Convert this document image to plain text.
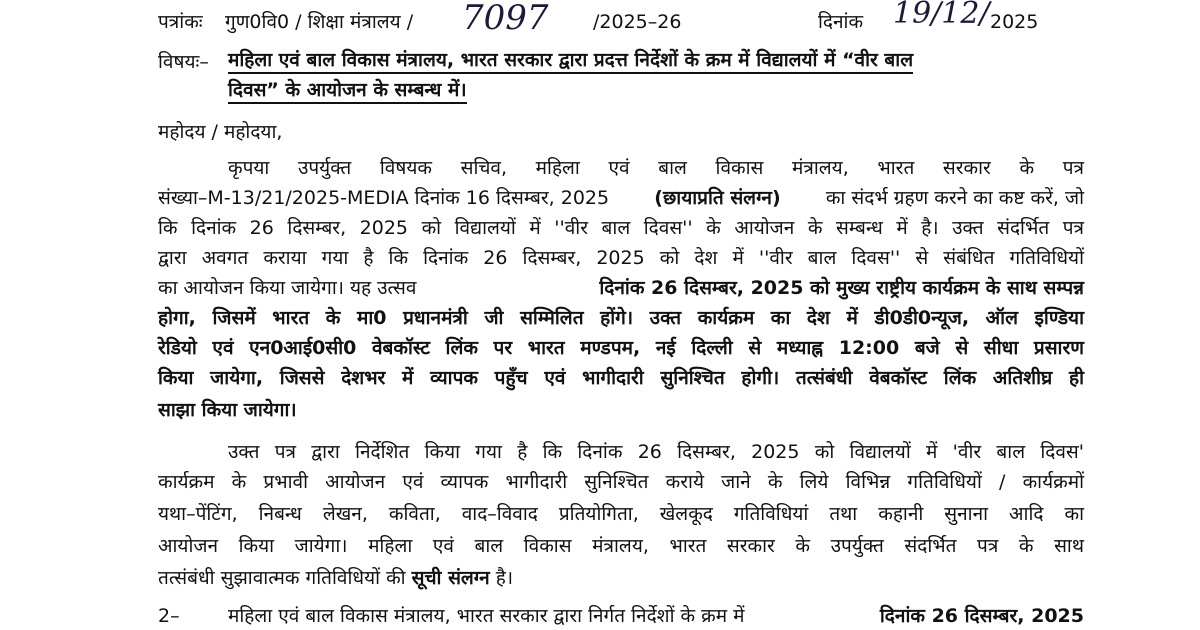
पत्रांकः गुण0वि0 / शिक्षा मंत्रालय / 7097 /2025–26	दिनांक 19/12/ 2025
विषयः– महिला एवं बाल विकास मंत्रालय, भारत सरकार द्वारा प्रदत्त निर्देशों के क्रम में विद्यालयों में “वीर बाल
दिवस” के आयोजन के सम्बन्ध में।
महोदय / महोदया,
कृपया उपर्युक्त विषयक सचिव, महिला एवं बाल विकास मंत्रालय, भारत सरकार के पत्र
संख्या–M-13/21/2025-MEDIA दिनांक 16 दिसम्बर, 2025 (छायाप्रति संलग्न) का संदर्भ ग्रहण करने का कष्ट करें, जो
कि दिनांक 26 दिसम्बर, 2025 को विद्यालयों में ''वीर बाल दिवस'' के आयोजन के सम्बन्ध में है। उक्त संदर्भित पत्र
द्वारा अवगत कराया गया है कि दिनांक 26 दिसम्बर, 2025 को देश में ''वीर बाल दिवस'' से संबंधित गतिविधियों
का आयोजन किया जायेगा। यह उत्सव	दिनांक 26 दिसम्बर, 2025 को मुख्य राष्ट्रीय कार्यक्रम के साथ सम्पन्न
होगा, जिसमें भारत के मा0 प्रधानमंत्री जी सम्मिलित होंगे। उक्त कार्यक्रम का देश में डी0डी0न्यूज, ऑल इण्डिया
रेडियो एवं एन0आई0सी0 वेबकॉस्ट लिंक पर भारत मण्डपम, नई दिल्ली से मध्याह्न 12:00 बजे से सीधा प्रसारण
किया जायेगा, जिससे देशभर में व्यापक पहुँच एवं भागीदारी सुनिश्चित होगी। तत्संबंधी वेबकॉस्ट लिंक अतिशीघ्र ही
साझा किया जायेगा।
उक्त पत्र द्वारा निर्देशित किया गया है कि दिनांक 26 दिसम्बर, 2025 को विद्यालयों में 'वीर बाल दिवस'
कार्यक्रम के प्रभावी आयोजन एवं व्यापक भागीदारी सुनिश्चित कराये जाने के लिये विभिन्न गतिविधियों / कार्यक्रमों
यथा–पेंटिंग, निबन्ध लेखन, कविता, वाद–विवाद प्रतियोगिता, खेलकूद गतिविधियां तथा कहानी सुनाना आदि का
आयोजन किया जायेगा। महिला एवं बाल विकास मंत्रालय, भारत सरकार के उपर्युक्त संदर्भित पत्र के साथ
तत्संबंधी सुझावात्मक गतिविधियों की सूची संलग्न है।
2–	महिला एवं बाल विकास मंत्रालय, भारत सरकार द्वारा निर्गत निर्देशों के क्रम में	दिनांक 26 दिसम्बर, 2025
